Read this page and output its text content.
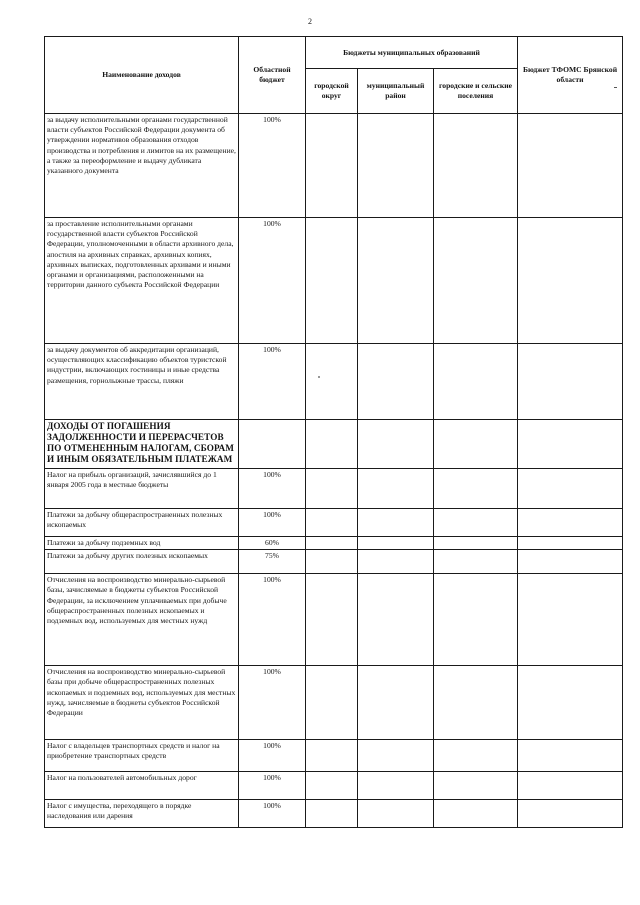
2
Наименование доходов	Областной бюджет	Бюджеты муниципальных образований			Бюджет ТФОМС Брянской области
		городской округ	муниципальный район	городские и сельские поселения	
за выдачу исполнительными органами государственной власти субъектов Российской Федерации документа об утверждении нормативов образования отходов производства и потребления и лимитов на их размещение, а также за переоформление и выдачу дубликата указанного документа	100%				
за проставление исполнительными органами государственной власти субъектов Российской Федерации, уполномоченными в области архивного дела, апостиля на архивных справках, архивных копиях, архивных выписках, подготовленных архивами и иными органами и организациями, расположенными на территории данного субъекта Российской Федерации	100%				
за выдачу документов об аккредитации организаций, осуществляющих классификацию объектов туристской индустрии, включающих гостиницы и иные средства размещения, горнолыжные трассы, пляжи	100%				
ДОХОДЫ ОТ ПОГАШЕНИЯ ЗАДОЛЖЕННОСТИ И ПЕРЕРАСЧЕТОВ ПО ОТМЕНЕННЫМ НАЛОГАМ, СБОРАМ И ИНЫМ ОБЯЗАТЕЛЬНЫМ ПЛАТЕЖАМ					
Налог на прибыль организаций, зачислявшийся до 1 января 2005 года в местные бюджеты	100%				
Платежи за добычу общераспространенных полезных ископаемых	100%				
Платежи за добычу подземных вод	60%				
Платежи за добычу других полезных ископаемых	75%				
Отчисления на воспроизводство минерально-сырьевой базы, зачисляемые в бюджеты субъектов Российской Федерации, за исключением уплачиваемых при добыче общераспространенных полезных ископаемых и подземных вод, используемых для местных нужд	100%				
Отчисления на воспроизводство минерально-сырьевой базы при добыче общераспространенных полезных ископаемых и подземных вод, используемых для местных нужд, зачисляемые в бюджеты субъектов Российской Федерации	100%				
Налог с владельцев транспортных средств и налог на приобретение транспортных средств	100%				
Налог на пользователей автомобильных дорог	100%				
Налог с имущества, переходящего в порядке наследования или дарения	100%				
